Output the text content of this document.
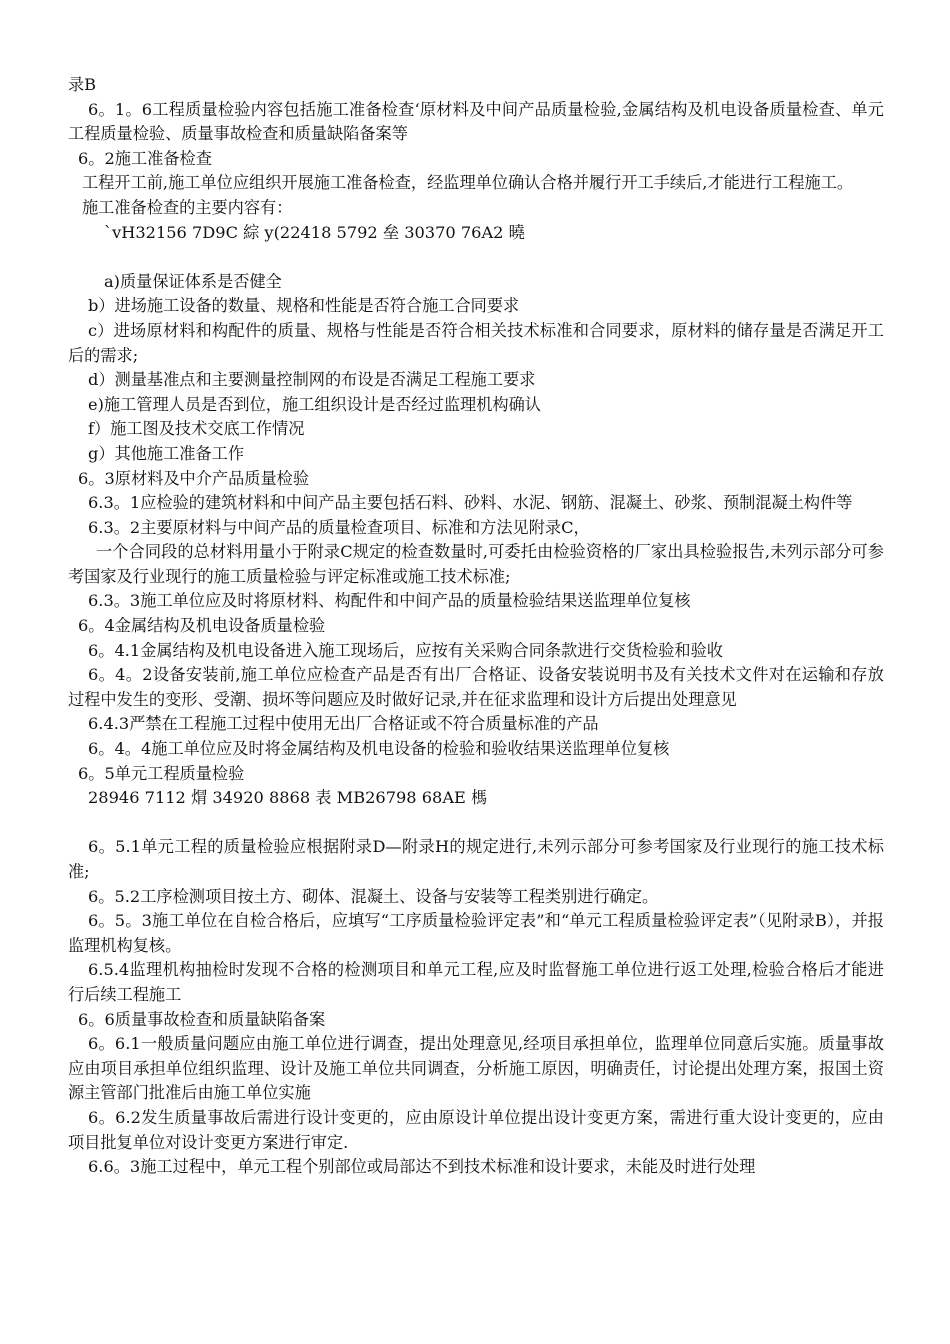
录B

6。1。6工程质量检验内容包括施工准备检查‘原材料及中间产品质量检验,金属结构及机电设备质量检查、单元工程质量检验、质量事故检查和质量缺陷备案等

6。2施工准备检查

工程开工前,施工单位应组织开展施工准备检查，经监理单位确认合格并履行开工手续后,才能进行工程施工。

施工准备检查的主要内容有：

`vH32156 7D9C 綜 y(22418 5792 垒 30370 76A2 曉

a)质量保证体系是否健全

b）进场施工设备的数量、规格和性能是否符合施工合同要求

c）进场原材料和构配件的质量、规格与性能是否符合相关技术标准和合同要求，原材料的储存量是否满足开工后的需求;

d）测量基准点和主要测量控制网的布设是否满足工程施工要求

e)施工管理人员是否到位，施工组织设计是否经过监理机构确认

f）施工图及技术交底工作情况

g）其他施工准备工作

6。3原材料及中介产品质量检验

6.3。1应检验的建筑材料和中间产品主要包括石料、砂料、水泥、钢筋、混凝土、砂浆、预制混凝土构件等

6.3。2主要原材料与中间产品的质量检查项目、标准和方法见附录C，

一个合同段的总材料用量小于附录C规定的检查数量时,可委托由检验资格的厂家出具检验报告,未列示部分可参考国家及行业现行的施工质量检验与评定标准或施工技术标准;

6.3。3施工单位应及时将原材料、构配件和中间产品的质量检验结果送监理单位复核

6。4金属结构及机电设备质量检验

6。4.1金属结构及机电设备进入施工现场后，应按有关采购合同条款进行交货检验和验收

6。4。2设备安装前,施工单位应检查产品是否有出厂合格证、设备安装说明书及有关技术文件对在运输和存放过程中发生的变形、受潮、损坏等问题应及时做好记录,并在征求监理和设计方后提出处理意见

6.4.3严禁在工程施工过程中使用无出厂合格证或不符合质量标准的产品

6。4。4施工单位应及时将金属结构及机电设备的检验和验收结果送监理单位复核

6。5单元工程质量检验

28946 7112 焨 34920 8868 表 MB26798 68AE 榪

6。5.1单元工程的质量检验应根据附录D—附录H的规定进行,未列示部分可参考国家及行业现行的施工技术标准;

6。5.2工序检测项目按土方、砌体、混凝土、设备与安装等工程类别进行确定。

6。5。3施工单位在自检合格后，应填写“工序质量检验评定表”和“单元工程质量检验评定表”（见附录B），并报监理机构复核。

6.5.4监理机构抽检时发现不合格的检测项目和单元工程,应及时监督施工单位进行返工处理,检验合格后才能进行后续工程施工

6。6质量事故检查和质量缺陷备案

6。6.1一般质量问题应由施工单位进行调查，提出处理意见,经项目承担单位，监理单位同意后实施。质量事故应由项目承担单位组织监理、设计及施工单位共同调查，分析施工原因，明确责任，讨论提出处理方案，报国土资源主管部门批准后由施工单位实施

6。6.2发生质量事故后需进行设计变更的，应由原设计单位提出设计变更方案，需进行重大设计变更的，应由项目批复单位对设计变更方案进行审定.

6.6。3施工过程中，单元工程个别部位或局部达不到技术标准和设计要求，未能及时进行处理
